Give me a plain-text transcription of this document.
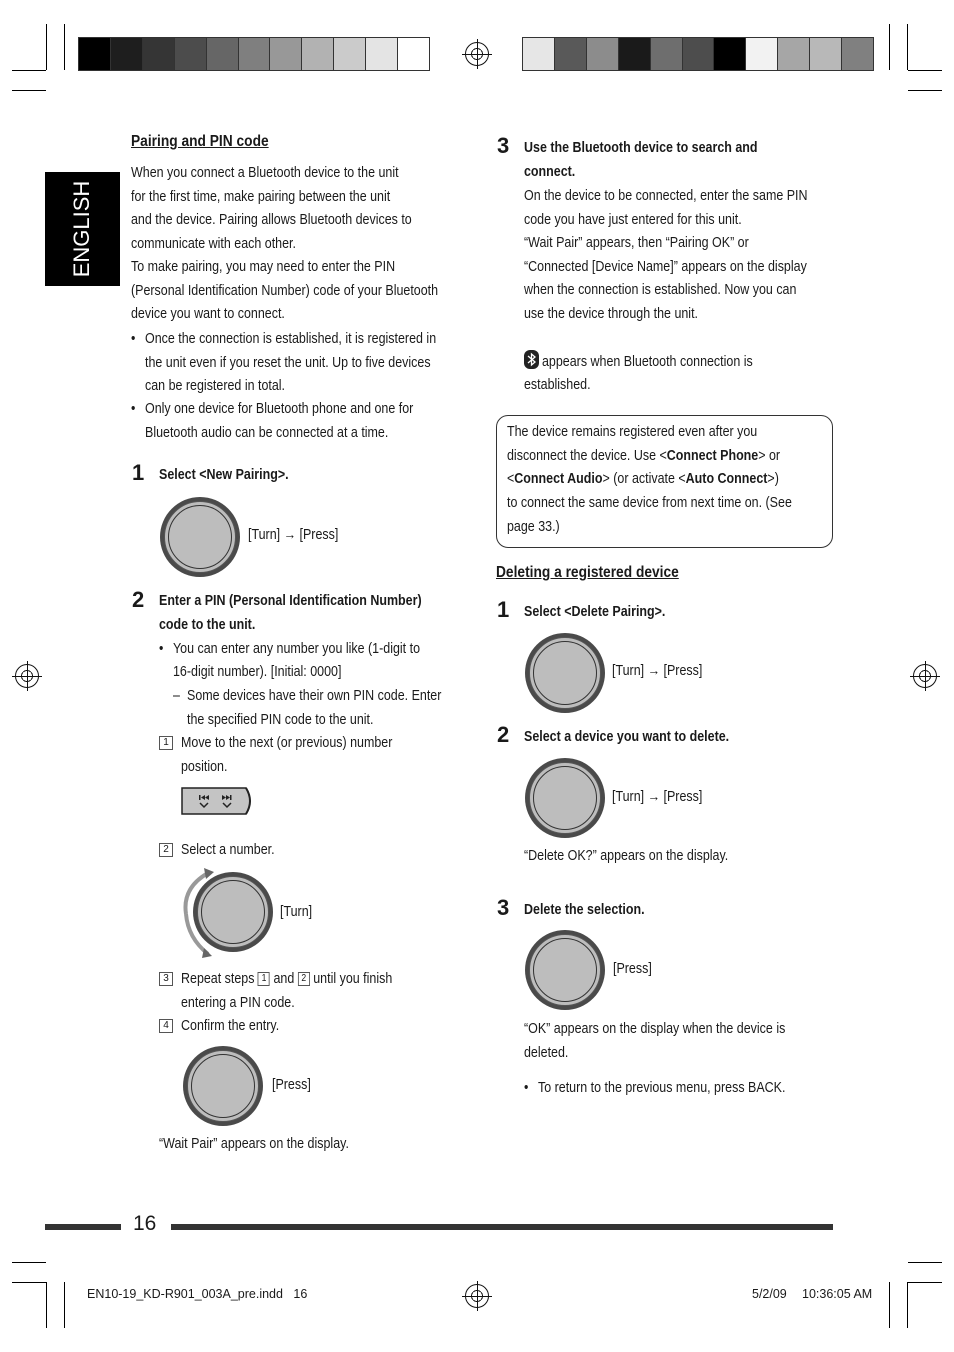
ENGLISH
Pairing and PIN code
When you connect a Bluetooth device to the unit
for the first time, make pairing between the unit
and the device. Pairing allows Bluetooth devices to
communicate with each other.
To make pairing, you may need to enter the PIN
(Personal Identification Number) code of your Bluetooth
device you want to connect.
• Once the connection is established, it is registered in
the unit even if you reset the unit. Up to five devices
can be registered in total.
• Only one device for Bluetooth phone and one for
Bluetooth audio can be connected at a time.
1 Select <New Pairing>.
[Turn] → [Press]
2 Enter a PIN (Personal Identification Number)
code to the unit.
• You can enter any number you like (1-digit to
16-digit number). [Initial: 0000]
– Some devices have their own PIN code. Enter
the specified PIN code to the unit.
1 Move to the next (or previous) number
position.
2 Select a number.
[Turn]
3 Repeat steps 1 and 2 until you finish
entering a PIN code.
4 Confirm the entry.
[Press]
“Wait Pair” appears on the display.
3 Use the Bluetooth device to search and
connect.
On the device to be connected, enter the same PIN
code you have just entered for this unit.
“Wait Pair” appears, then “Pairing OK” or
“Connected [Device Name]” appears on the display
when the connection is established. Now you can
use the device through the unit.
appears when Bluetooth connection is
established.
The device remains registered even after you
disconnect the device. Use <Connect Phone> or
<Connect Audio> (or activate <Auto Connect>)
to connect the same device from next time on. (See
page 33.)
Deleting a registered device
1 Select <Delete Pairing>.
[Turn] → [Press]
2 Select a device you want to delete.
[Turn] → [Press]
“Delete OK?” appears on the display.
3 Delete the selection.
[Press]
“OK” appears on the display when the device is
deleted.
• To return to the previous menu, press BACK.
16
EN10-19_KD-R901_003A_pre.indd   16	5/2/09 10:36:05 AM
